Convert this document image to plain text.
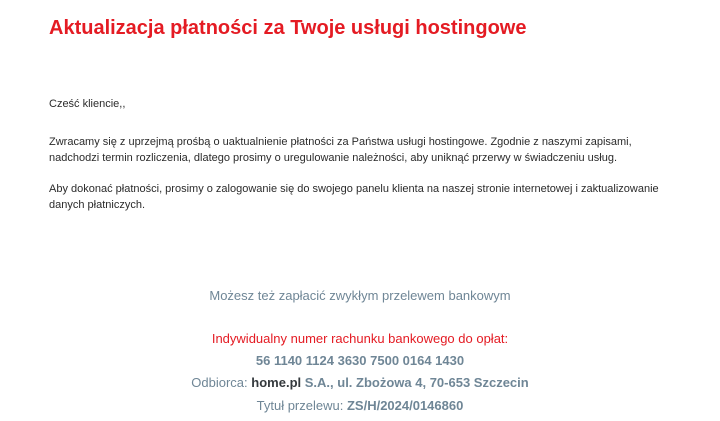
Aktualizacja płatności za Twoje usługi hostingowe

Cześć kliencie,,

Zwracamy się z uprzejmą prośbą o uaktualnienie płatności za Państwa usługi hostingowe. Zgodnie z naszymi zapisami, nadchodzi termin rozliczenia, dlatego prosimy o uregulowanie należności, aby uniknąć przerwy w świadczeniu usług.

Aby dokonać płatności, prosimy o zalogowanie się do swojego panelu klienta na naszej stronie internetowej i zaktualizowanie danych płatniczych.

Możesz też zapłacić zwykłym przelewem bankowym

Indywidualny numer rachunku bankowego do opłat:

56 1140 1124 3630 7500 0164 1430

Odbiorca: home.pl S.A., ul. Zbożowa 4, 70-653 Szczecin

Tytuł przelewu: ZS/H/2024/0146860
